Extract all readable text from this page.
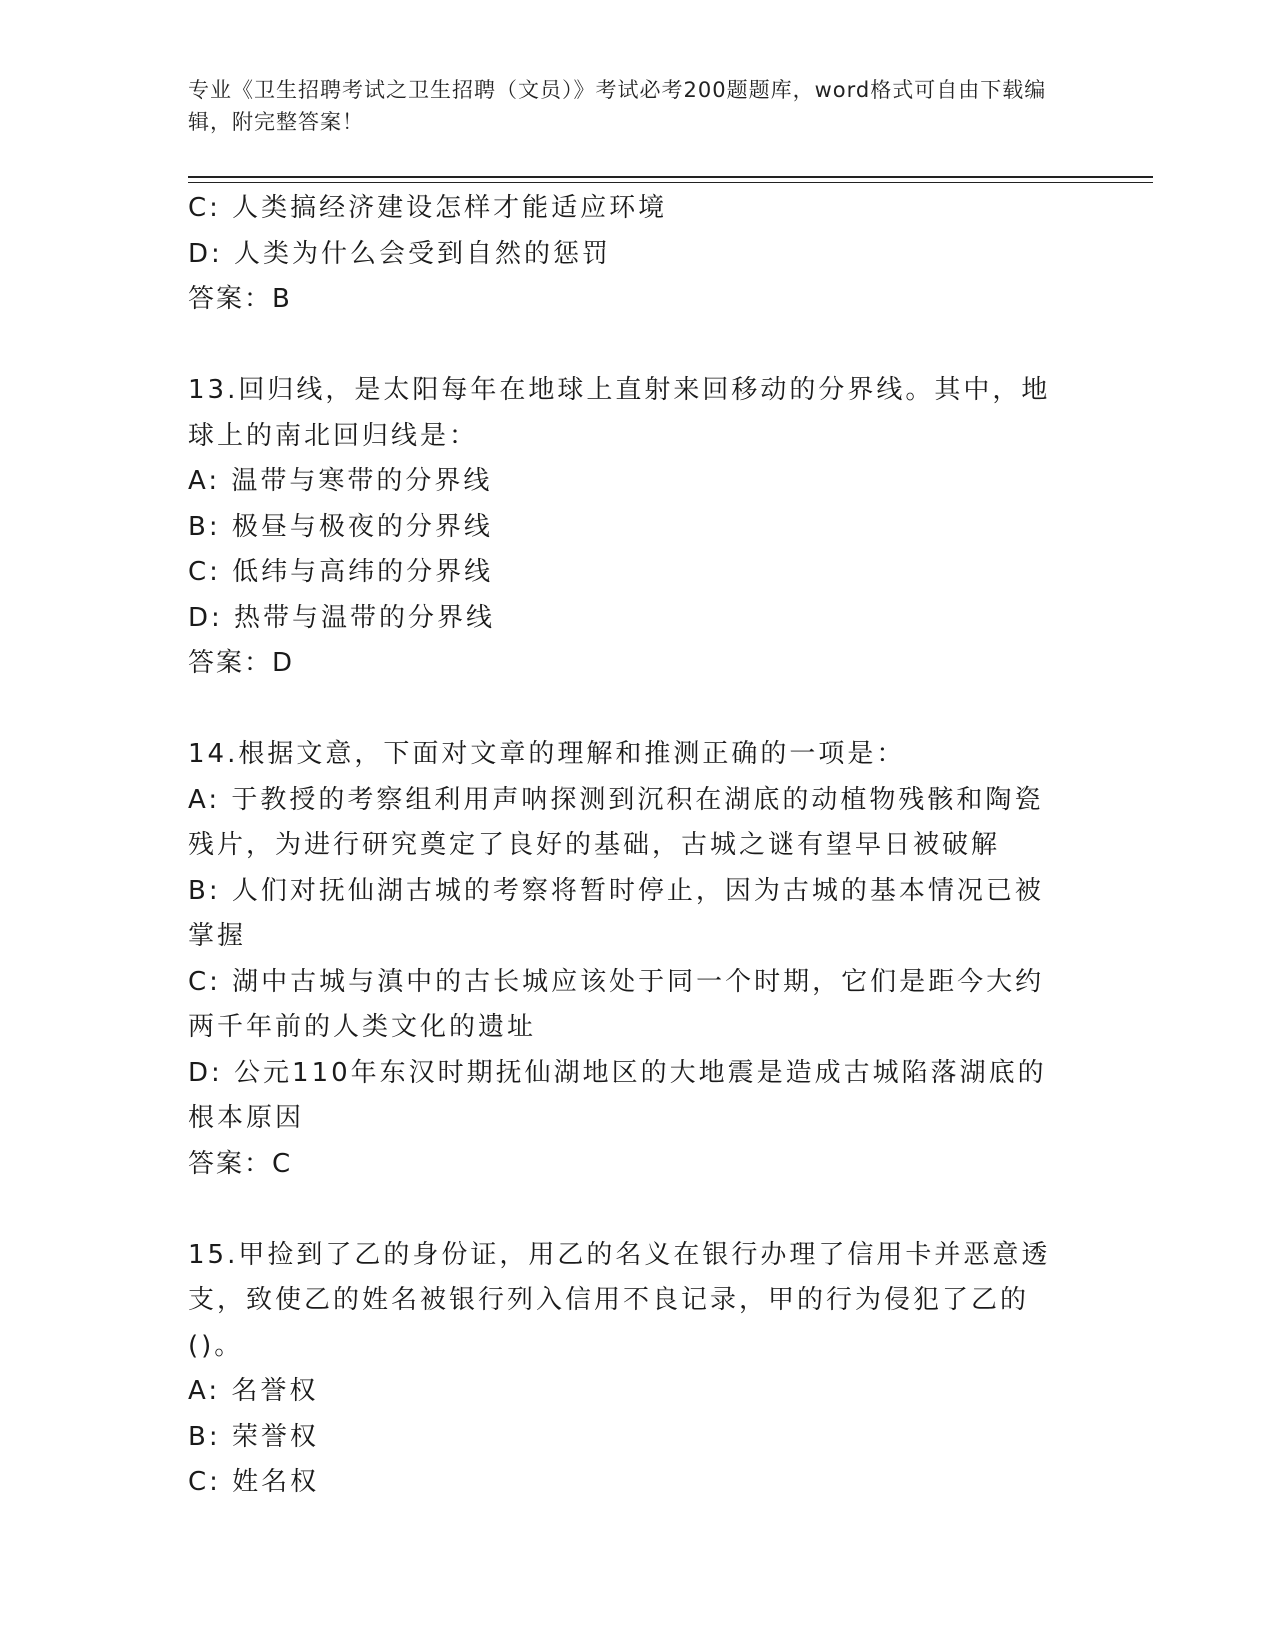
专业《卫生招聘考试之卫生招聘（文员）》考试必考200题题库，word格式可自由下载编辑，附完整答案！

C: 人类搞经济建设怎样才能适应环境

D: 人类为什么会受到自然的惩罚

答案：B

13.回归线，是太阳每年在地球上直射来回移动的分界线。其中，地球上的南北回归线是：

A: 温带与寒带的分界线

B: 极昼与极夜的分界线

C: 低纬与高纬的分界线

D: 热带与温带的分界线

答案：D

14.根据文意，下面对文章的理解和推测正确的一项是：

A: 于教授的考察组利用声呐探测到沉积在湖底的动植物残骸和陶瓷残片，为进行研究奠定了良好的基础，古城之谜有望早日被破解

B: 人们对抚仙湖古城的考察将暂时停止，因为古城的基本情况已被掌握

C: 湖中古城与滇中的古长城应该处于同一个时期，它们是距今大约两千年前的人类文化的遗址

D: 公元110年东汉时期抚仙湖地区的大地震是造成古城陷落湖底的根本原因

答案：C

15.甲捡到了乙的身份证，用乙的名义在银行办理了信用卡并恶意透支，致使乙的姓名被银行列入信用不良记录，甲的行为侵犯了乙的()。

A: 名誉权

B: 荣誉权

C: 姓名权
